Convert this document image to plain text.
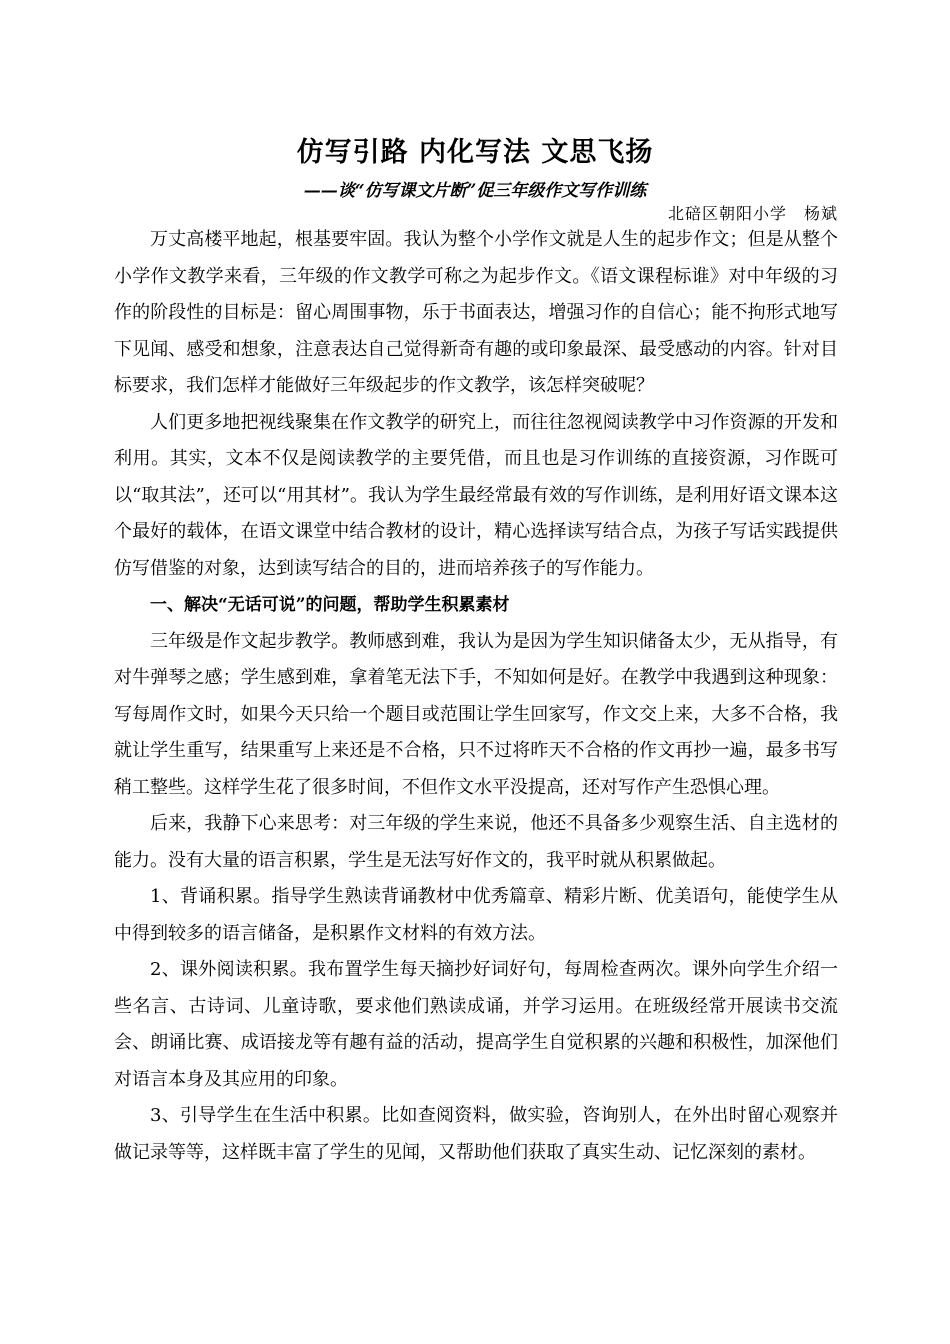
仿写引路 内化写法 文思飞扬
——谈“仿写课文片断”促三年级作文写作训练
北碚区朝阳小学　杨斌

万丈高楼平地起，根基要牢固。我认为整个小学作文就是人生的起步作文；但是从整个小学作文教学来看，三年级的作文教学可称之为起步作文。《语文课程标谁》对中年级的习作的阶段性的目标是：留心周围事物，乐于书面表达，增强习作的自信心；能不拘形式地写下见闻、感受和想象，注意表达自己觉得新奇有趣的或印象最深、最受感动的内容。针对目标要求，我们怎样才能做好三年级起步的作文教学，该怎样突破呢？

人们更多地把视线聚集在作文教学的研究上，而往往忽视阅读教学中习作资源的开发和利用。其实，文本不仅是阅读教学的主要凭借，而且也是习作训练的直接资源，习作既可以“取其法”，还可以“用其材”。我认为学生最经常最有效的写作训练，是利用好语文课本这个最好的载体，在语文课堂中结合教材的设计，精心选择读写结合点，为孩子写话实践提供仿写借鉴的对象，达到读写结合的目的，进而培养孩子的写作能力。

一、解决“无话可说”的问题，帮助学生积累素材

三年级是作文起步教学。教师感到难，我认为是因为学生知识储备太少，无从指导，有对牛弹琴之感；学生感到难，拿着笔无法下手，不知如何是好。在教学中我遇到这种现象：写每周作文时，如果今天只给一个题目或范围让学生回家写，作文交上来，大多不合格，我就让学生重写，结果重写上来还是不合格，只不过将昨天不合格的作文再抄一遍，最多书写稍工整些。这样学生花了很多时间，不但作文水平没提高，还对写作产生恐惧心理。

后来，我静下心来思考：对三年级的学生来说，他还不具备多少观察生活、自主选材的能力。没有大量的语言积累，学生是无法写好作文的，我平时就从积累做起。

1、背诵积累。指导学生熟读背诵教材中优秀篇章、精彩片断、优美语句，能使学生从中得到较多的语言储备，是积累作文材料的有效方法。

2、课外阅读积累。我布置学生每天摘抄好词好句，每周检查两次。课外向学生介绍一些名言、古诗词、儿童诗歌，要求他们熟读成诵，并学习运用。在班级经常开展读书交流会、朗诵比赛、成语接龙等有趣有益的活动，提高学生自觉积累的兴趣和积极性，加深他们对语言本身及其应用的印象。

3、引导学生在生活中积累。比如查阅资料，做实验，咨询别人，在外出时留心观察并做记录等等，这样既丰富了学生的见闻，又帮助他们获取了真实生动、记忆深刻的素材。
